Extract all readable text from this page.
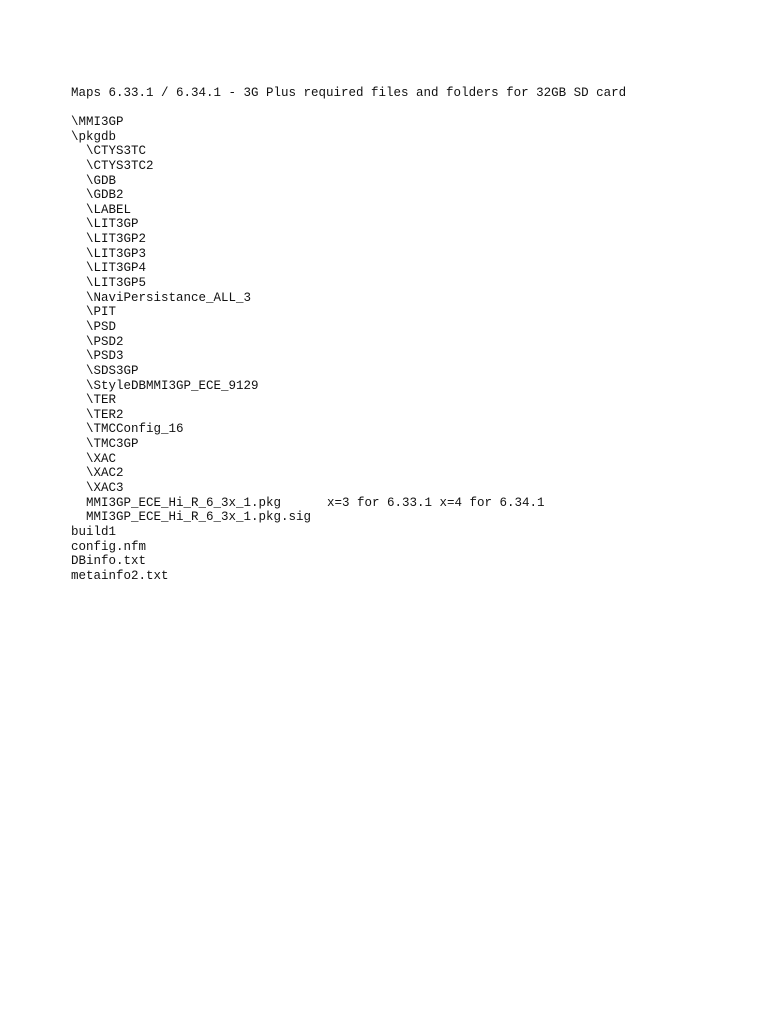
Maps 6.33.1 / 6.34.1 - 3G Plus required files and folders for 32GB SD card
\MMI3GP
\pkgdb
\CTYS3TC
\CTYS3TC2
\GDB
\GDB2
\LABEL
\LIT3GP
\LIT3GP2
\LIT3GP3
\LIT3GP4
\LIT3GP5
\NaviPersistance_ALL_3
\PIT
\PSD
\PSD2
\PSD3
\SDS3GP
\StyleDBMMI3GP_ECE_9129
\TER
\TER2
\TMCConfig_16
\TMC3GP
\XAC
\XAC2
\XAC3
MMI3GP_ECE_Hi_R_6_3x_1.pkg	x=3 for 6.33.1 x=4 for 6.34.1
MMI3GP_ECE_Hi_R_6_3x_1.pkg.sig
build1
config.nfm
DBinfo.txt
metainfo2.txt
